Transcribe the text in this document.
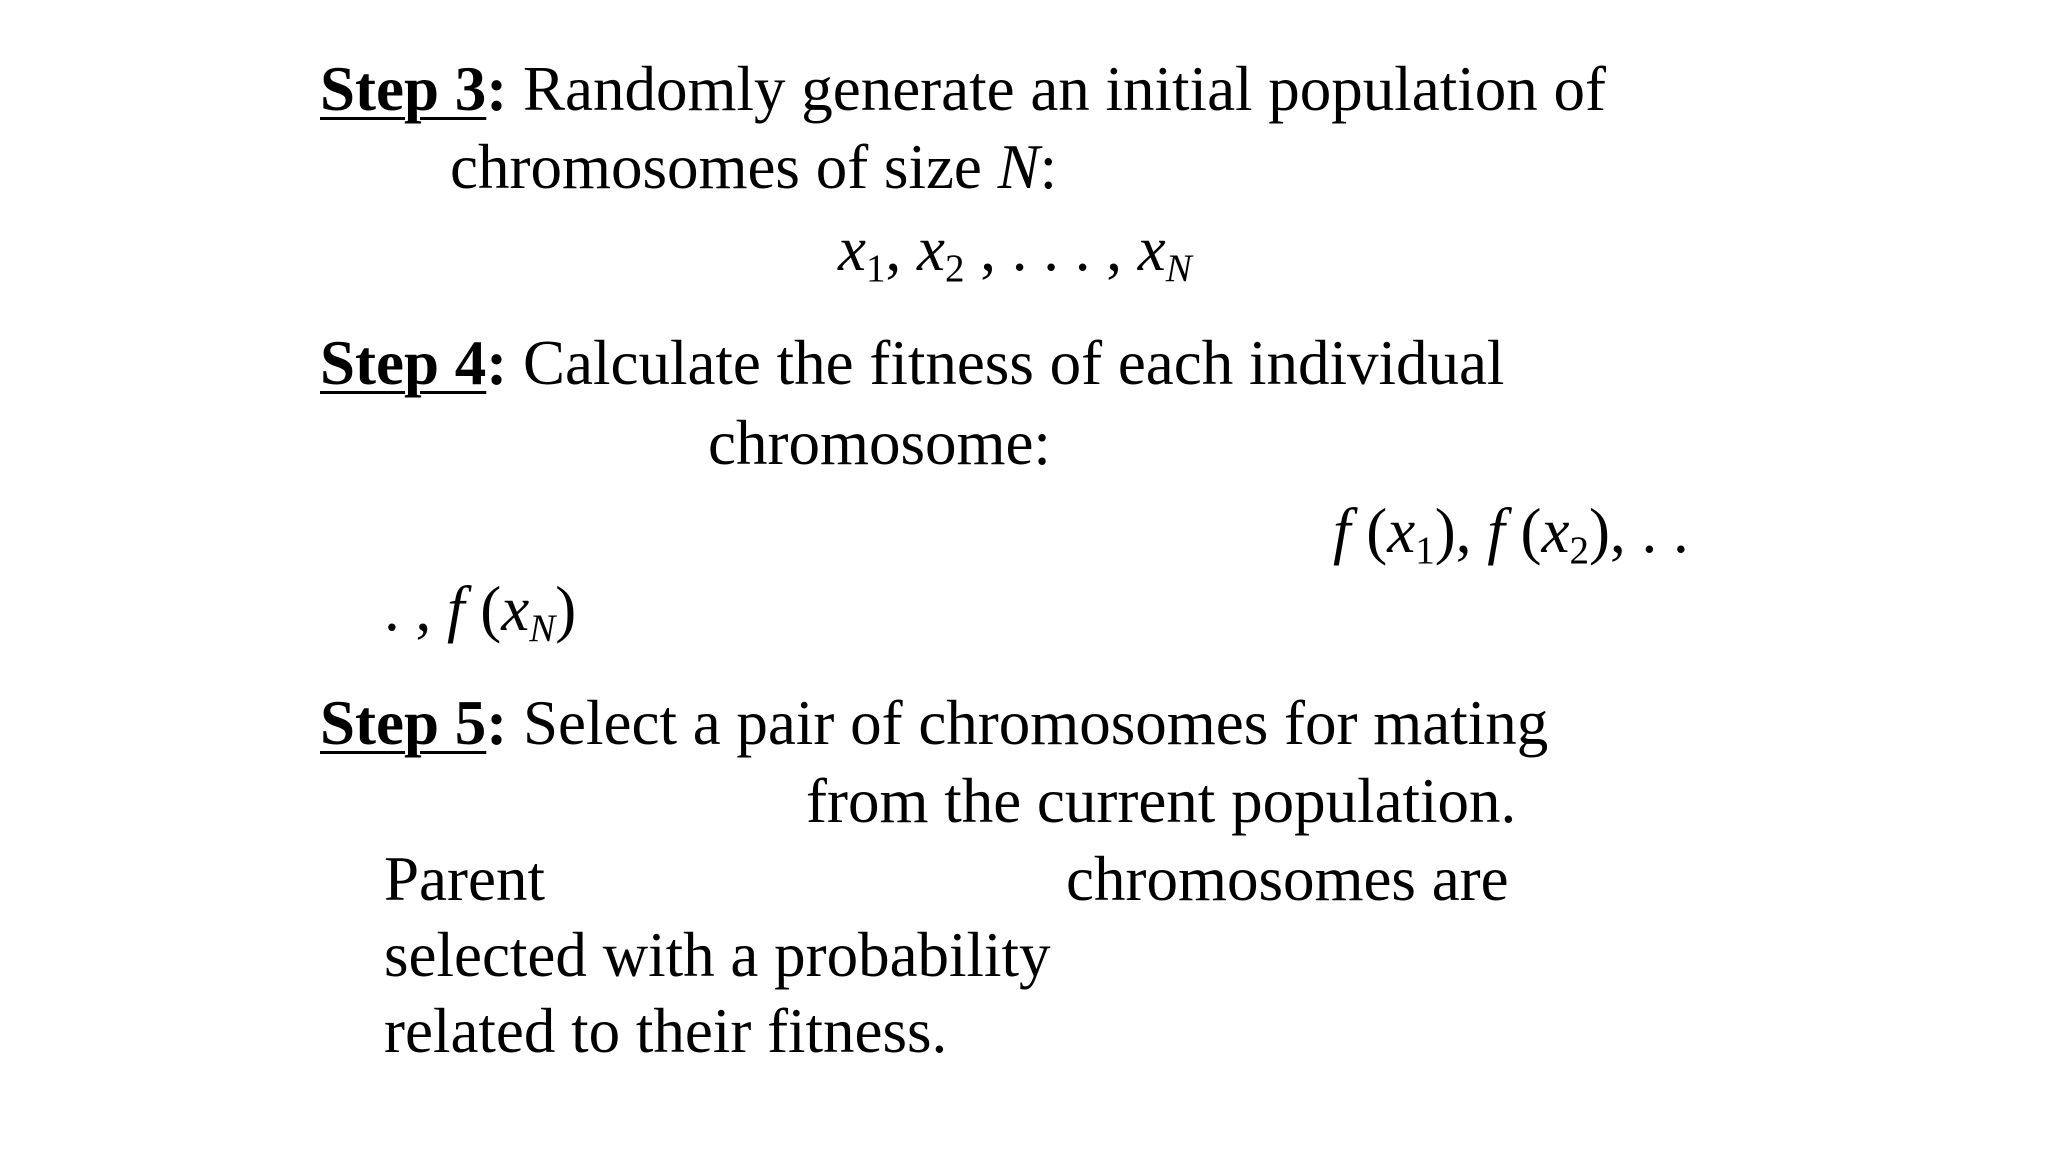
Step 3: Randomly generate an initial population of
chromosomes of size N:
$x_1$, $x_2$ , . . . , $x_N$
Step 4: Calculate the fitness of each individual
chromosome:
f $(x_1)$, f $(x_2)$, . .
. , f $(x_N)$
Step 5: Select a pair of chromosomes for mating
from the current population.
Parent	chromosomes are
selected with a probability
related to their fitness.
